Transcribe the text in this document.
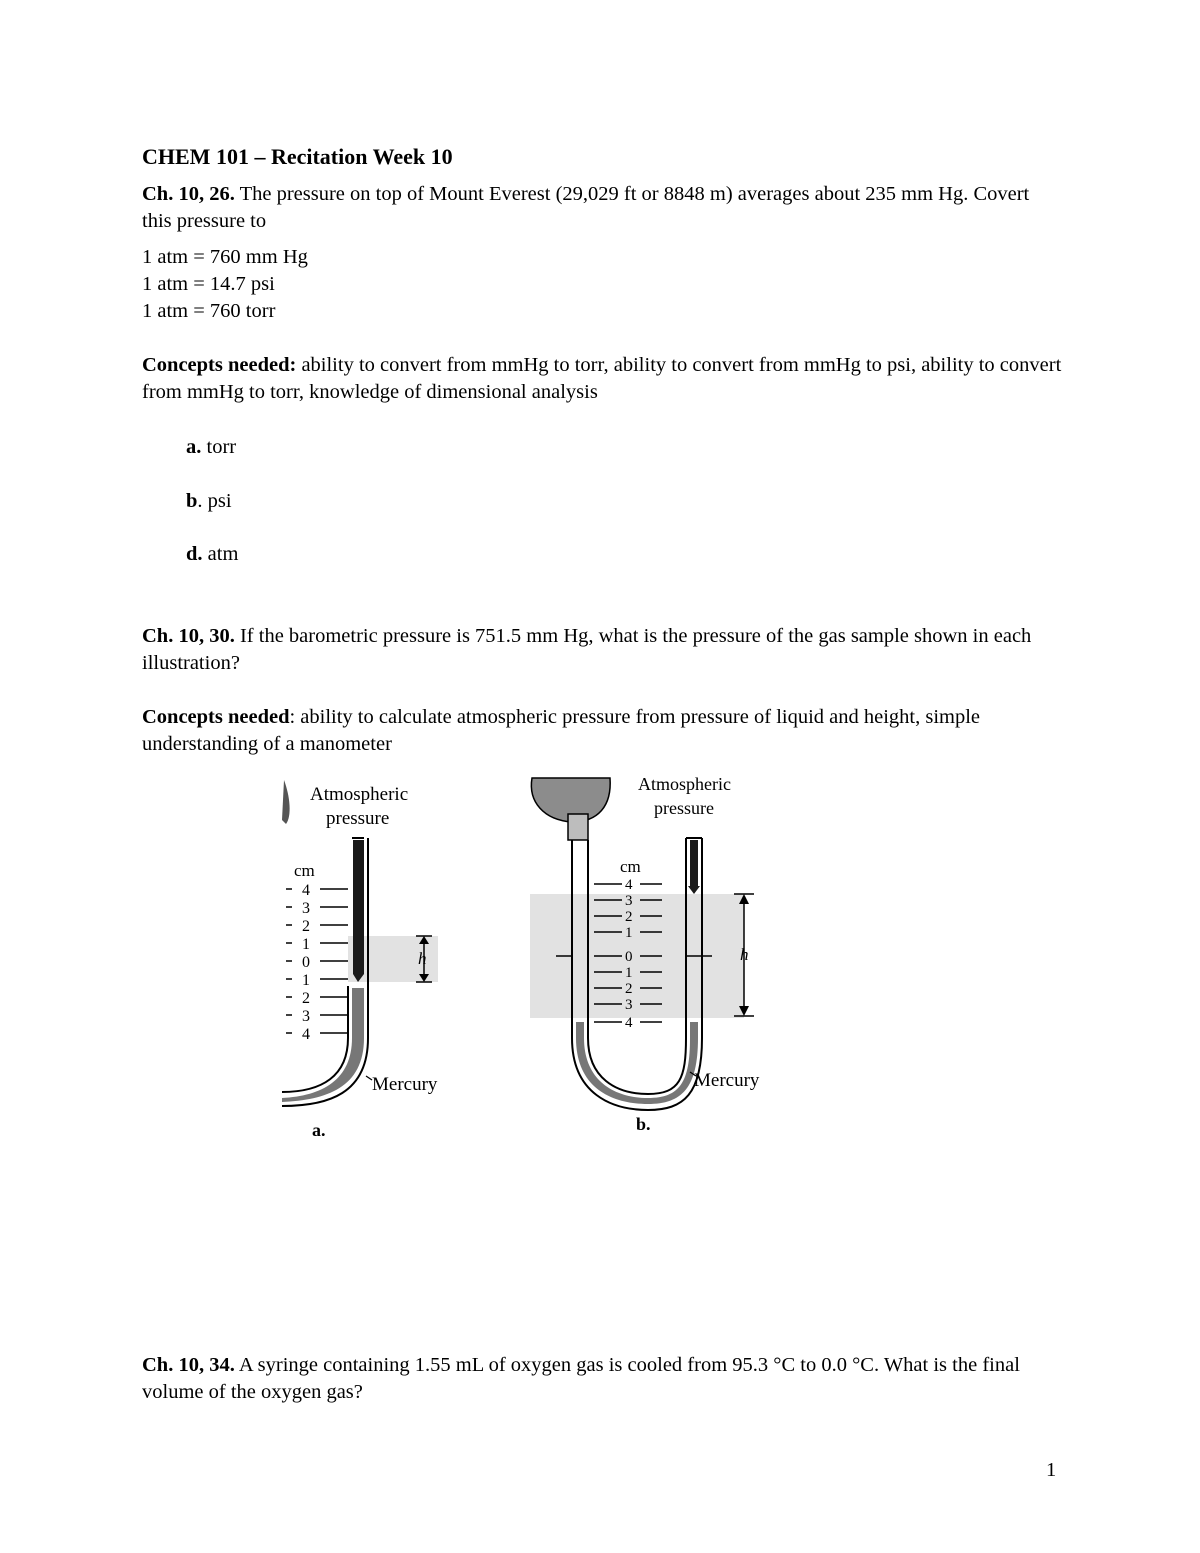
CHEM 101 – Recitation Week 10
Ch. 10, 26. The pressure on top of Mount Everest (29,029 ft or 8848 m) averages about 235 mm Hg. Covert this pressure to
1 atm = 760 mm Hg
1 atm = 14.7 psi
1 atm = 760 torr
Concepts needed: ability to convert from mmHg to torr, ability to convert from mmHg to psi, ability to convert from mmHg to torr, knowledge of dimensional analysis
a. torr
b. psi
d. atm
Ch. 10, 30. If the barometric pressure is 751.5 mm Hg, what is the pressure of the gas sample shown in each illustration?
Concepts needed: ability to calculate atmospheric pressure from pressure of liquid and height, simple understanding of a manometer
Atmospheric
pressure
cm
4
3
2
1
0
1
2
3
4
h
Mercury
a.
Atmospheric
pressure
cm
4
3
2
1
0
1
2
3
4
h
Mercury
b.
Ch. 10, 34. A syringe containing 1.55 mL of oxygen gas is cooled from 95.3 °C to 0.0 °C. What is the final volume of the oxygen gas?
1
